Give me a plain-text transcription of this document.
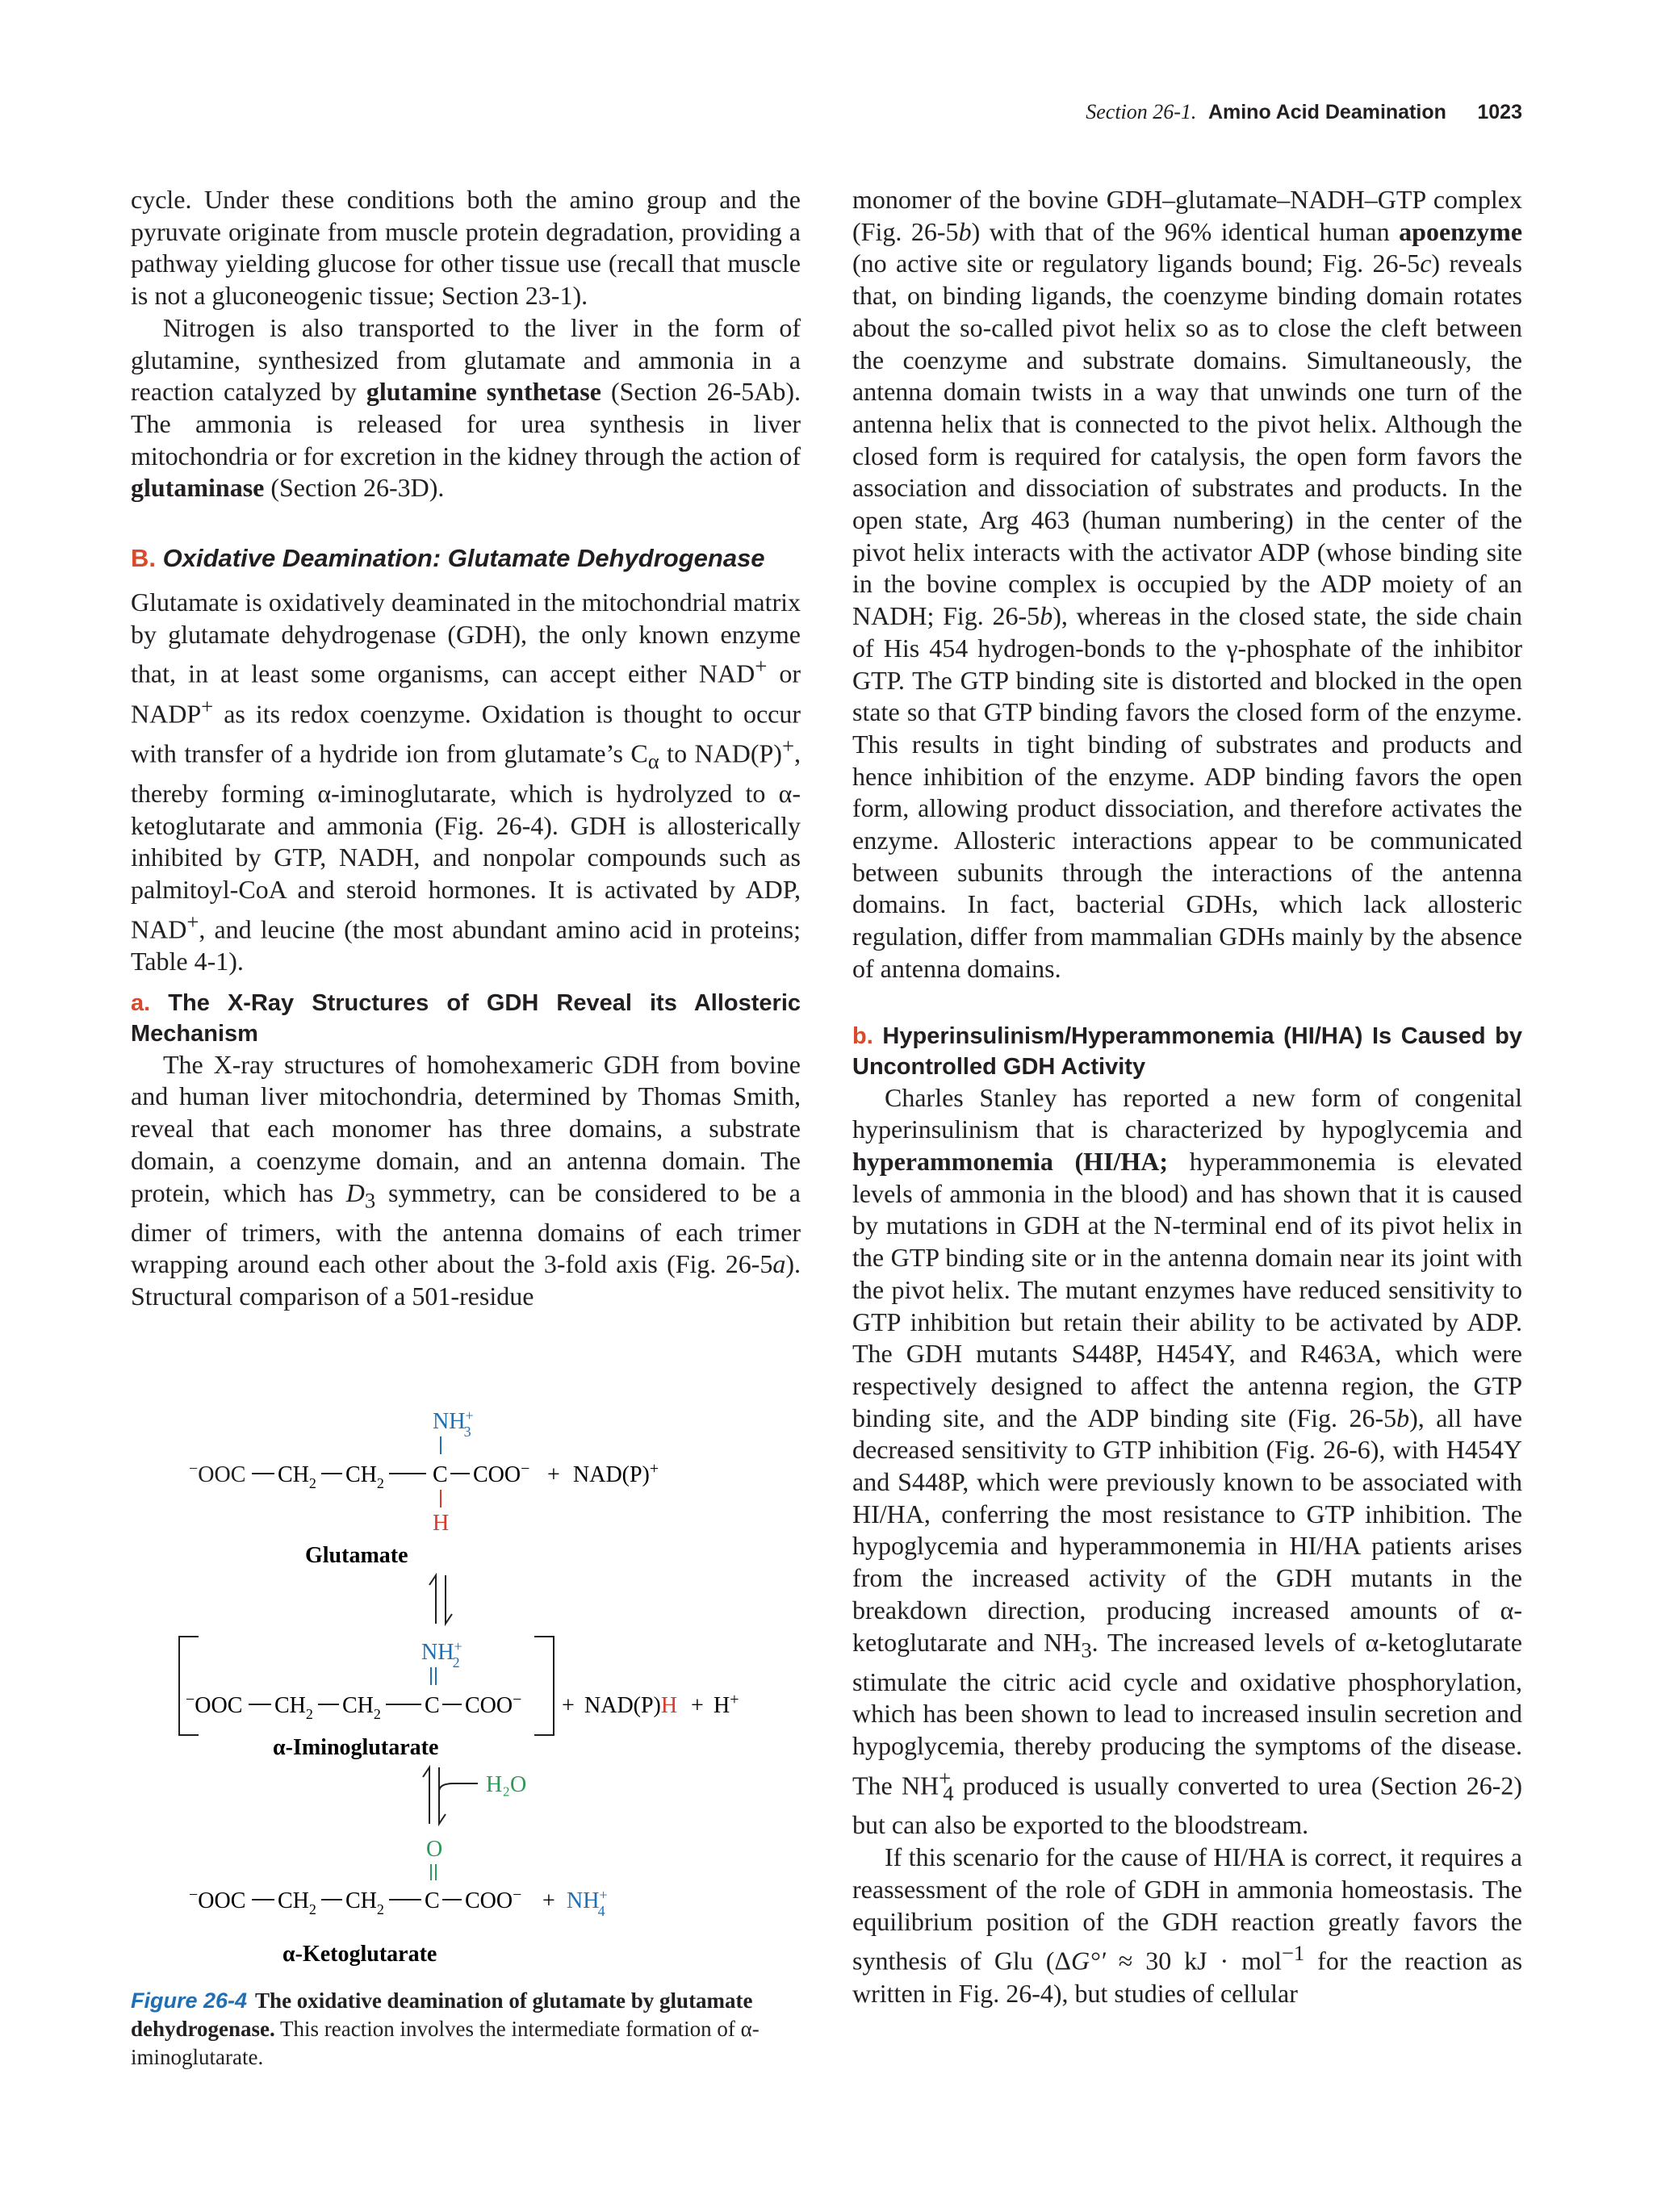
Section 26-1. Amino Acid Deamination 1023

cycle. Under these conditions both the amino group and the pyruvate originate from muscle protein degradation, providing a pathway yielding glucose for other tissue use (recall that muscle is not a gluconeogenic tissue; Section 23-1).

Nitrogen is also transported to the liver in the form of glutamine, synthesized from glutamate and ammonia in a reaction catalyzed by glutamine synthetase (Section 26-5Ab). The ammonia is released for urea synthesis in liver mitochondria or for excretion in the kidney through the action of glutaminase (Section 26-3D).

B. Oxidative Deamination: Glutamate Dehydrogenase

Glutamate is oxidatively deaminated in the mitochondrial matrix by glutamate dehydrogenase (GDH), the only known enzyme that, in at least some organisms, can accept either NAD+ or NADP+ as its redox coenzyme. Oxidation is thought to occur with transfer of a hydride ion from glutamate’s $C_\alpha$ to NAD(P)+, thereby forming α-iminoglutarate, which is hydrolyzed to α-ketoglutarate and ammonia (Fig. 26-4). GDH is allosterically inhibited by GTP, NADH, and nonpolar compounds such as palmitoyl-CoA and steroid hormones. It is activated by ADP, NAD+, and leucine (the most abundant amino acid in proteins; Table 4-1).

a. The X-Ray Structures of GDH Reveal its Allosteric Mechanism

The X-ray structures of homohexameric GDH from bovine and human liver mitochondria, determined by Thomas Smith, reveal that each monomer has three domains, a substrate domain, a coenzyme domain, and an antenna domain. The protein, which has $D_3$ symmetry, can be considered to be a dimer of trimers, with the antenna domains of each trimer wrapping around each other about the 3-fold axis (Fig. 26-5a). Structural comparison of a 501-residue

NH+ 3
−OOC $CH_2$ $CH_2$ C COO− + NAD(P)+
H
Glutamate
NH+ 2
−OOC $CH_2$ $CH_2$ C COO− + NAD(P)H + H+
α-Iminoglutarate
H₂O
O
−OOC $CH_2$ $CH_2$ C COO− + NH+ 4
α-Ketoglutarate
Figure 26-4 The oxidative deamination of glutamate by glutamate dehydrogenase. This reaction involves the intermediate formation of α-iminoglutarate.

monomer of the bovine GDH–glutamate–NADH–GTP complex (Fig. 26-5b) with that of the 96% identical human apoenzyme (no active site or regulatory ligands bound; Fig. 26-5c) reveals that, on binding ligands, the coenzyme binding domain rotates about the so-called pivot helix so as to close the cleft between the coenzyme and substrate domains. Simultaneously, the antenna domain twists in a way that unwinds one turn of the antenna helix that is connected to the pivot helix. Although the closed form is required for catalysis, the open form favors the association and dissociation of substrates and products. In the open state, Arg 463 (human numbering) in the center of the pivot helix interacts with the activator ADP (whose binding site in the bovine complex is occupied by the ADP moiety of an NADH; Fig. 26-5b), whereas in the closed state, the side chain of His 454 hydrogen-bonds to the γ-phosphate of the inhibitor GTP. The GTP binding site is distorted and blocked in the open state so that GTP binding favors the closed form of the enzyme. This results in tight binding of substrates and products and hence inhibition of the enzyme. ADP binding favors the open form, allowing product dissociation, and therefore activates the enzyme. Allosteric interactions appear to be communicated between subunits through the interactions of the antenna domains. In fact, bacterial GDHs, which lack allosteric regulation, differ from mammalian GDHs mainly by the absence of antenna domains.

b. Hyperinsulinism/Hyperammonemia (HI/HA) Is Caused by Uncontrolled GDH Activity

Charles Stanley has reported a new form of congenital hyperinsulinism that is characterized by hypoglycemia and hyperammonemia (HI/HA; hyperammonemia is elevated levels of ammonia in the blood) and has shown that it is caused by mutations in GDH at the N-terminal end of its pivot helix in the GTP binding site or in the antenna domain near its joint with the pivot helix. The mutant enzymes have reduced sensitivity to GTP inhibition but retain their ability to be activated by ADP. The GDH mutants S448P, H454Y, and R463A, which were respectively designed to affect the antenna region, the GTP binding site, and the ADP binding site (Fig. 26-5b), all have decreased sensitivity to GTP inhibition (Fig. 26-6), with H454Y and S448P, which were previously known to be associated with HI/HA, conferring the most resistance to GTP inhibition. The hypoglycemia and hyperammonemia in HI/HA patients arises from the increased activity of the GDH mutants in the breakdown direction, producing increased amounts of α-ketoglutarate and $NH_3$. The increased levels of α-ketoglutarate stimulate the citric acid cycle and oxidative phosphorylation, which has been shown to lead to increased insulin secretion and hypoglycemia, thereby producing the symptoms of the disease. The $NH^+_4$ produced is usually converted to urea (Section 26-2) but can also be exported to the bloodstream.

If this scenario for the cause of HI/HA is correct, it requires a reassessment of the role of GDH in ammonia homeostasis. The equilibrium position of the GDH reaction greatly favors the synthesis of Glu (ΔG°′ ≈ 30 kJ · mol$^{-1}$ for the reaction as written in Fig. 26-4), but studies of cellular
